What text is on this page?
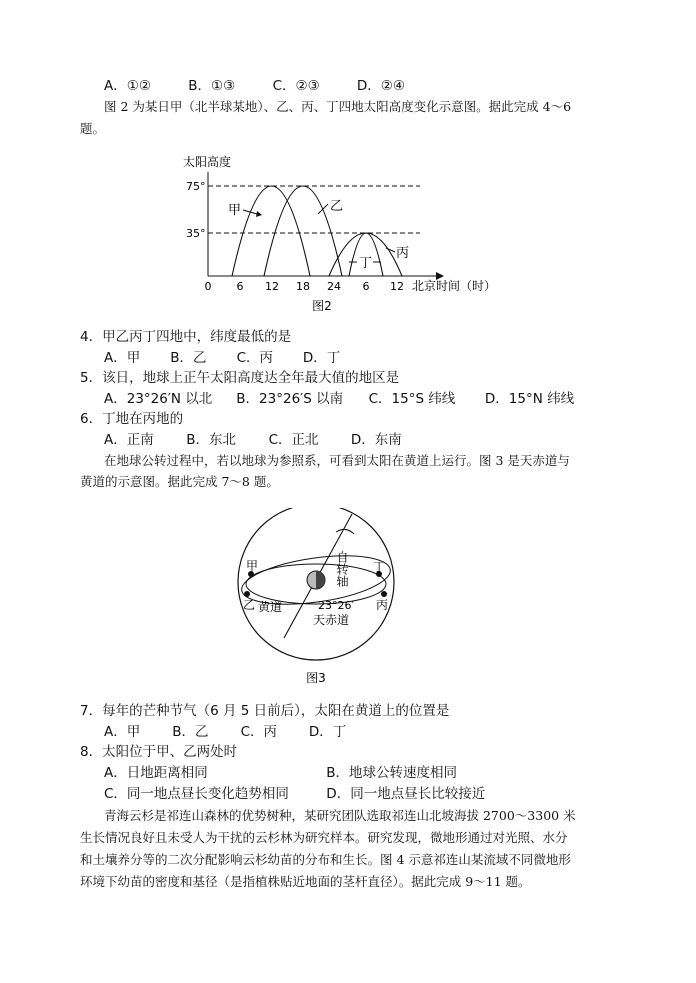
A．①②	B．①③	C．②③	D．②④
图 2 为某日甲（北半球某地）、乙、丙、丁四地太阳高度变化示意图。据此完成 4～6
题。
太阳高度
75°
35°
0 6 12 18 24 6 12 北京时间（时）
甲	乙
丙
丁
图2
4．甲乙丙丁四地中，纬度最低的是
A．甲 B．乙 C．丙 D．丁
5．该日，地球上正午太阳高度达全年最大值的地区是
A．23°26′N 以北 B．23°26′S 以南 C．15°S 纬线 D．15°N 纬线
6．丁地在丙地的
A．正南 B．东北 C．正北 D．东南
在地球公转过程中，若以地球为参照系，可看到太阳在黄道上运行。图 3 是天赤道与
黄道的示意图。据此完成 7～8 题。
甲
乙
丁
丙
黄道
天赤道
23°26′
自转轴
图3
7．每年的芒种节气（6 月 5 日前后），太阳在黄道上的位置是
A．甲 B．乙 C．丙 D．丁
8．太阳位于甲、乙两处时
A．日地距离相同	B．地球公转速度相同
C．同一地点昼长变化趋势相同	D．同一地点昼长比较接近
青海云杉是祁连山森林的优势树种，某研究团队选取祁连山北坡海拔 2700～3300 米
生长情况良好且未受人为干扰的云杉林为研究样本。研究发现，微地形通过对光照、水分
和土壤养分等的二次分配影响云杉幼苗的分布和生长。图 4 示意祁连山某流域不同微地形
环境下幼苗的密度和基径（是指植株贴近地面的茎杆直径）。据此完成 9～11 题。
